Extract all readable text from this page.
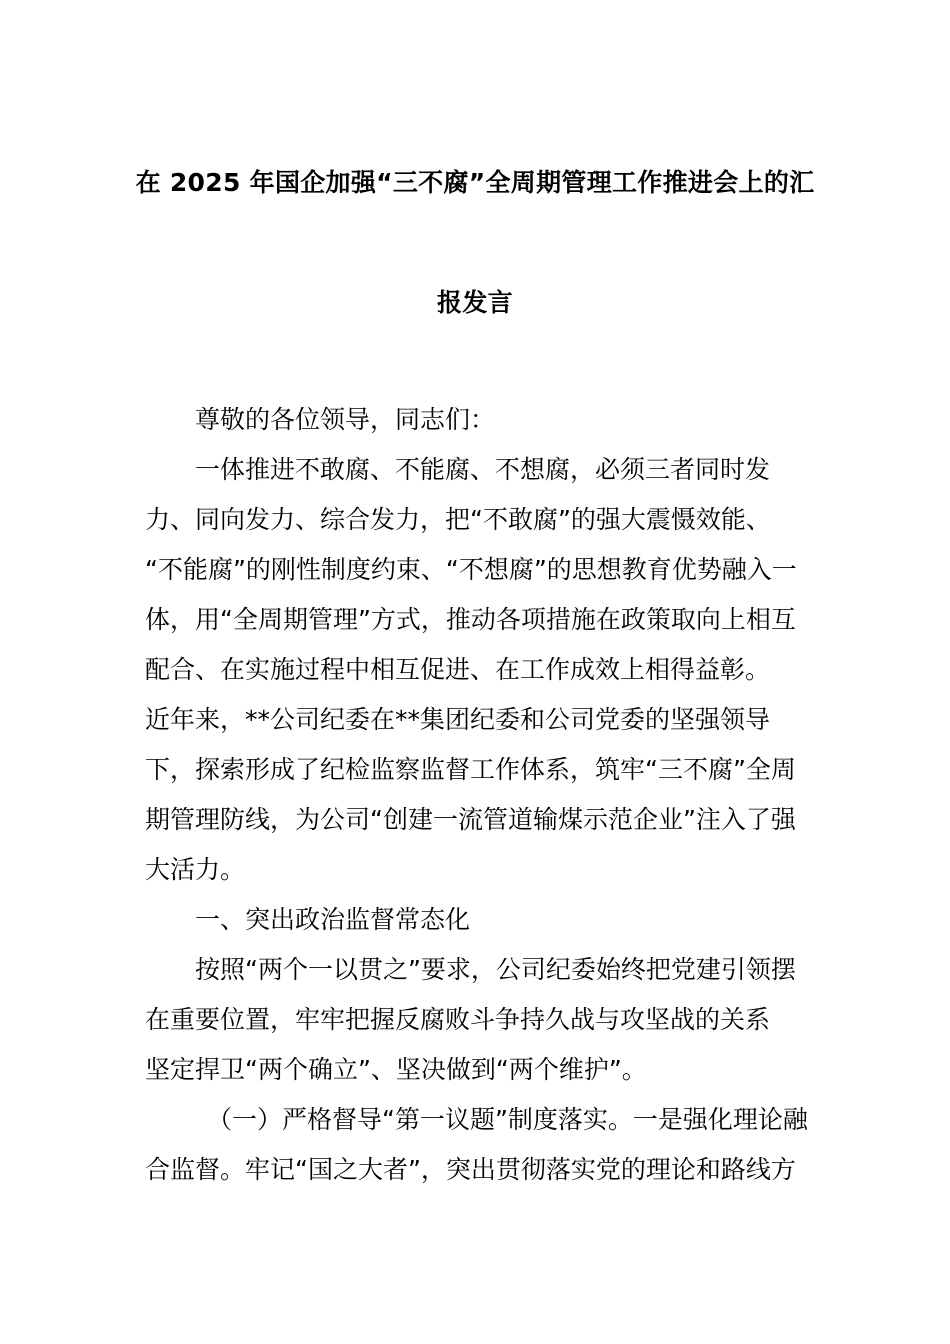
在 2025 年国企加强“三不腐”全周期管理工作推进会上的汇
报发言
尊敬的各位领导，同志们：
一体推进不敢腐、不能腐、不想腐，必须三者同时发
力、同向发力、综合发力，把“不敢腐”的强大震慑效能、
“不能腐”的刚性制度约束、“不想腐”的思想教育优势融入一
体，用“全周期管理”方式，推动各项措施在政策取向上相互
配合、在实施过程中相互促进、在工作成效上相得益彰。
近年来，**公司纪委在**集团纪委和公司党委的坚强领导
下，探索形成了纪检监察监督工作体系，筑牢“三不腐”全周
期管理防线，为公司“创建一流管道输煤示范企业”注入了强
大活力。
一、突出政治监督常态化
按照“两个一以贯之”要求，公司纪委始终把党建引领摆
在重要位置，牢牢把握反腐败斗争持久战与攻坚战的关系
坚定捍卫“两个确立”、坚决做到“两个维护”。
（一）严格督导“第一议题”制度落实。一是强化理论融
合监督。牢记“国之大者”，突出贯彻落实党的理论和路线方
